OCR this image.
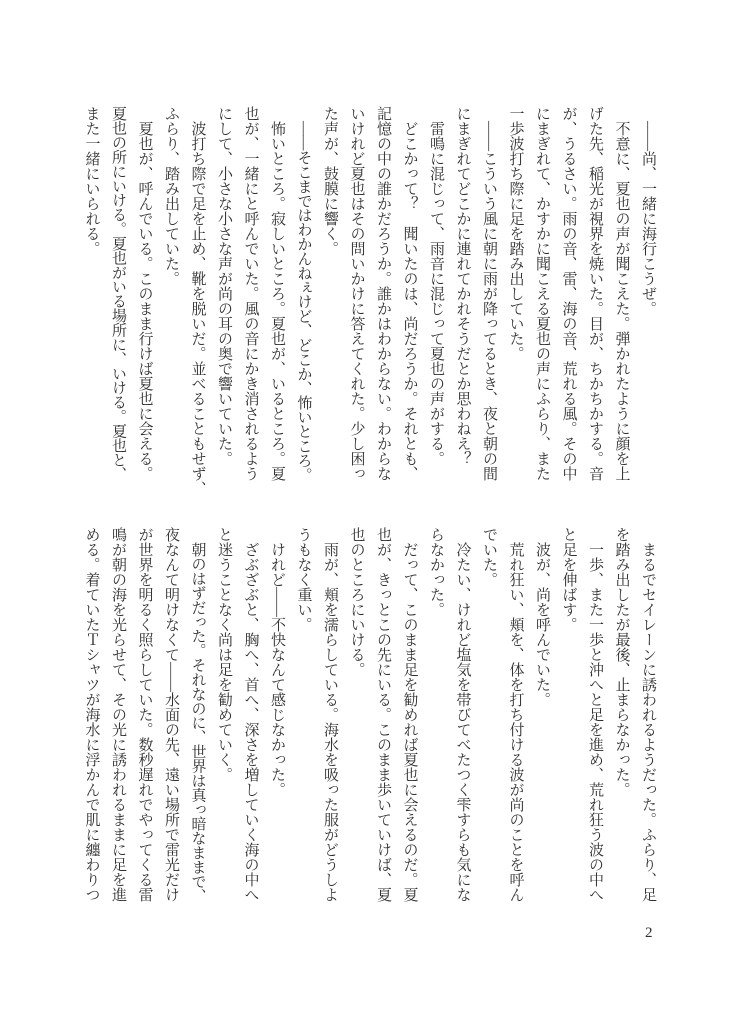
――尚、一緒に海行こうぜ。

不意に、夏也の声が聞こえた。弾かれたように顔を上

げた先、稲光が視界を焼いた。目が、ちかちかする。音

が、うるさい。雨の音、雷、海の音、荒れる風。その中

にまぎれて、かすかに聞こえる夏也の声にふらり、また

一歩波打ち際に足を踏み出していた。

――こういう風に朝に雨が降ってるとき、夜と朝の間

にまぎれてどこかに連れてかれそうだとか思わねえ？

雷鳴に混じって、雨音に混じって夏也の声がする。

どこかって？　聞いたのは、尚だろうか。それとも、

記憶の中の誰かだろうか。誰かはわからない。わからな

いけれど夏也はその問いかけに答えてくれた。少し困っ

た声が、鼓膜に響く。

――そこまではわかんねぇけど、どこか、怖いところ。

怖いところ。寂しいところ。夏也が、いるところ。夏

也が、一緒にと呼んでいた。風の音にかき消されるよう

にして、小さな小さな声が尚の耳の奥で響いていた。

波打ち際で足を止め、靴を脱いだ。並べることもせず、

ふらり、踏み出していた。

夏也が、呼んでいる。このまま行けば夏也に会える。

夏也の所にいける。夏也がいる場所に、いける。夏也と、

また一緒にいられる。

まるでセイレーンに誘われるようだった。ふらり、足

を踏み出したが最後、止まらなかった。

一歩、また一歩と沖へと足を進め、荒れ狂う波の中へ

と足を伸ばす。

波が、尚を呼んでいた。

荒れ狂い、頬を、体を打ち付ける波が尚のことを呼ん

でいた。

冷たい、けれど塩気を帯びてべたつく雫すらも気にな

らなかった。

だって、このまま足を勧めれば夏也に会えるのだ。夏

也が、きっとこの先にいる。このまま歩いていけば、夏

也のところにいける。

雨が、頬を濡らしている。海水を吸った服がどうしよ

うもなく重い。

けれど――不快なんて感じなかった。

ざぶざぶと、胸へ、首へ、深さを増していく海の中へ

と迷うことなく尚は足を勧めていく。

朝のはずだった。それなのに、世界は真っ暗なままで、

夜なんて明けなくて――水面の先、遠い場所で雷光だけ

が世界を明るく照らしていた。数秒遅れでやってくる雷

鳴が朝の海を光らせて、その光に誘われるままに足を進

める。着ていたＴシャツが海水に浮かんで肌に纏わりつ

2
